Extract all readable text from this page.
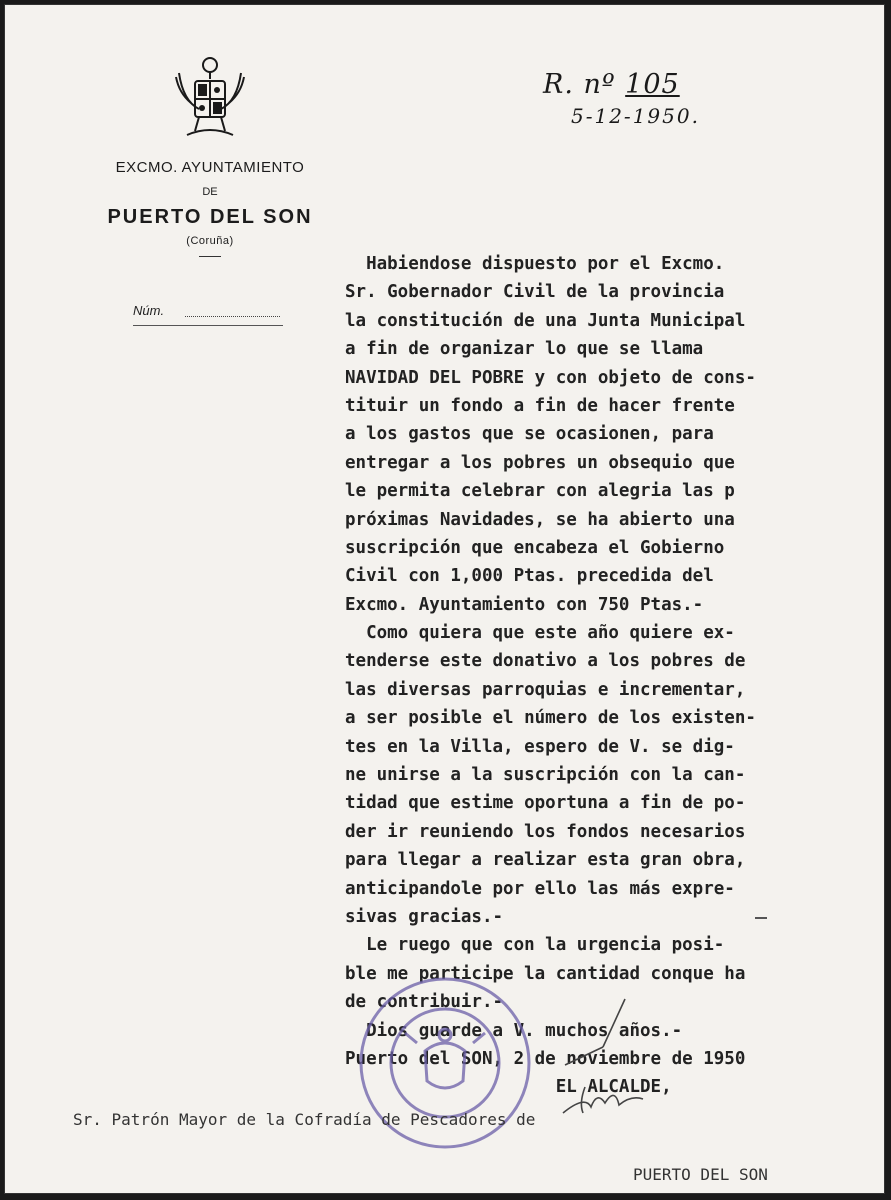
EXCMO. AYUNTAMIENTO
DE
PUERTO DEL SON
(Coruña)
Núm.
R. nº 105
5-12-1950.
Habiendose dispuesto por el Excmo.
Sr. Gobernador Civil de la provincia
la constitución de una Junta Municipal
a fin de organizar lo que se llama
NAVIDAD DEL POBRE y con objeto de cons-
tituir un fondo a fin de hacer frente
a los gastos que se ocasionen, para
entregar a los pobres un obsequio que
le permita celebrar con alegria las p
próximas Navidades, se ha abierto una
suscripción que encabeza el Gobierno
Civil con 1,000 Ptas. precedida del
Excmo. Ayuntamiento con 750 Ptas.-
Como quiera que este año quiere ex-
tenderse este donativo a los pobres de
las diversas parroquias e incrementar,
a ser posible el número de los existen-
tes en la Villa, espero de V. se dig-
ne unirse a la suscripción con la can-
tidad que estime oportuna a fin de po-
der ir reuniendo los fondos necesarios
para llegar a realizar esta gran obra,
anticipandole por ello las más expre-
sivas gracias.-
Le ruego que con la urgencia posi-
ble me participe la cantidad conque ha
de contribuir.-
Dios guarde a V. muchos años.-
Puerto del SON, 2 de noviembre de 1950
EL ALCALDE,
Sr. Patrón Mayor de la Cofradía de Pescadores de
PUERTO DEL SON
